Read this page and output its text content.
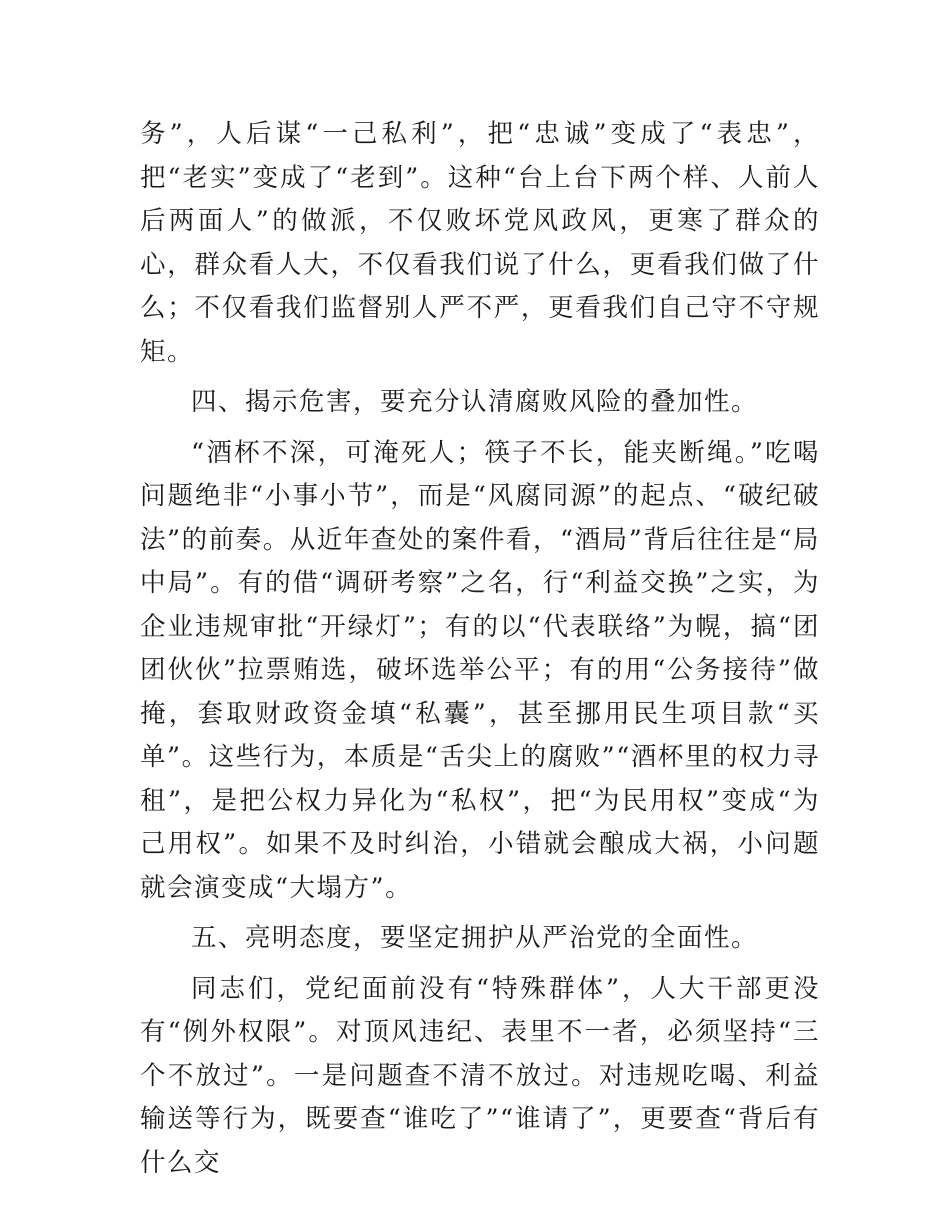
务”，人后谋“一己私利”，把“忠诚”变成了“表忠”，把“老实”变成了“老到”。这种“台上台下两个样、人前人后两面人”的做派，不仅败坏党风政风，更寒了群众的心，群众看人大，不仅看我们说了什么，更看我们做了什么；不仅看我们监督别人严不严，更看我们自己守不守规矩。

四、揭示危害，要充分认清腐败风险的叠加性。

“酒杯不深，可淹死人；筷子不长，能夹断绳。”吃喝问题绝非“小事小节”，而是“风腐同源”的起点、“破纪破法”的前奏。从近年查处的案件看，“酒局”背后往往是“局中局”。有的借“调研考察”之名，行“利益交换”之实，为企业违规审批“开绿灯”；有的以“代表联络”为幌，搞“团团伙伙”拉票贿选，破坏选举公平；有的用“公务接待”做掩，套取财政资金填“私囊”，甚至挪用民生项目款“买单”。这些行为，本质是“舌尖上的腐败”“酒杯里的权力寻租”，是把公权力异化为“私权”，把“为民用权”变成“为己用权”。如果不及时纠治，小错就会酿成大祸，小问题就会演变成“大塌方”。

五、亮明态度，要坚定拥护从严治党的全面性。

同志们，党纪面前没有“特殊群体”，人大干部更没有“例外权限”。对顶风违纪、表里不一者，必须坚持“三个不放过”。一是问题查不清不放过。对违规吃喝、利益输送等行为，既要查“谁吃了”“谁请了”，更要查“背后有什么交
